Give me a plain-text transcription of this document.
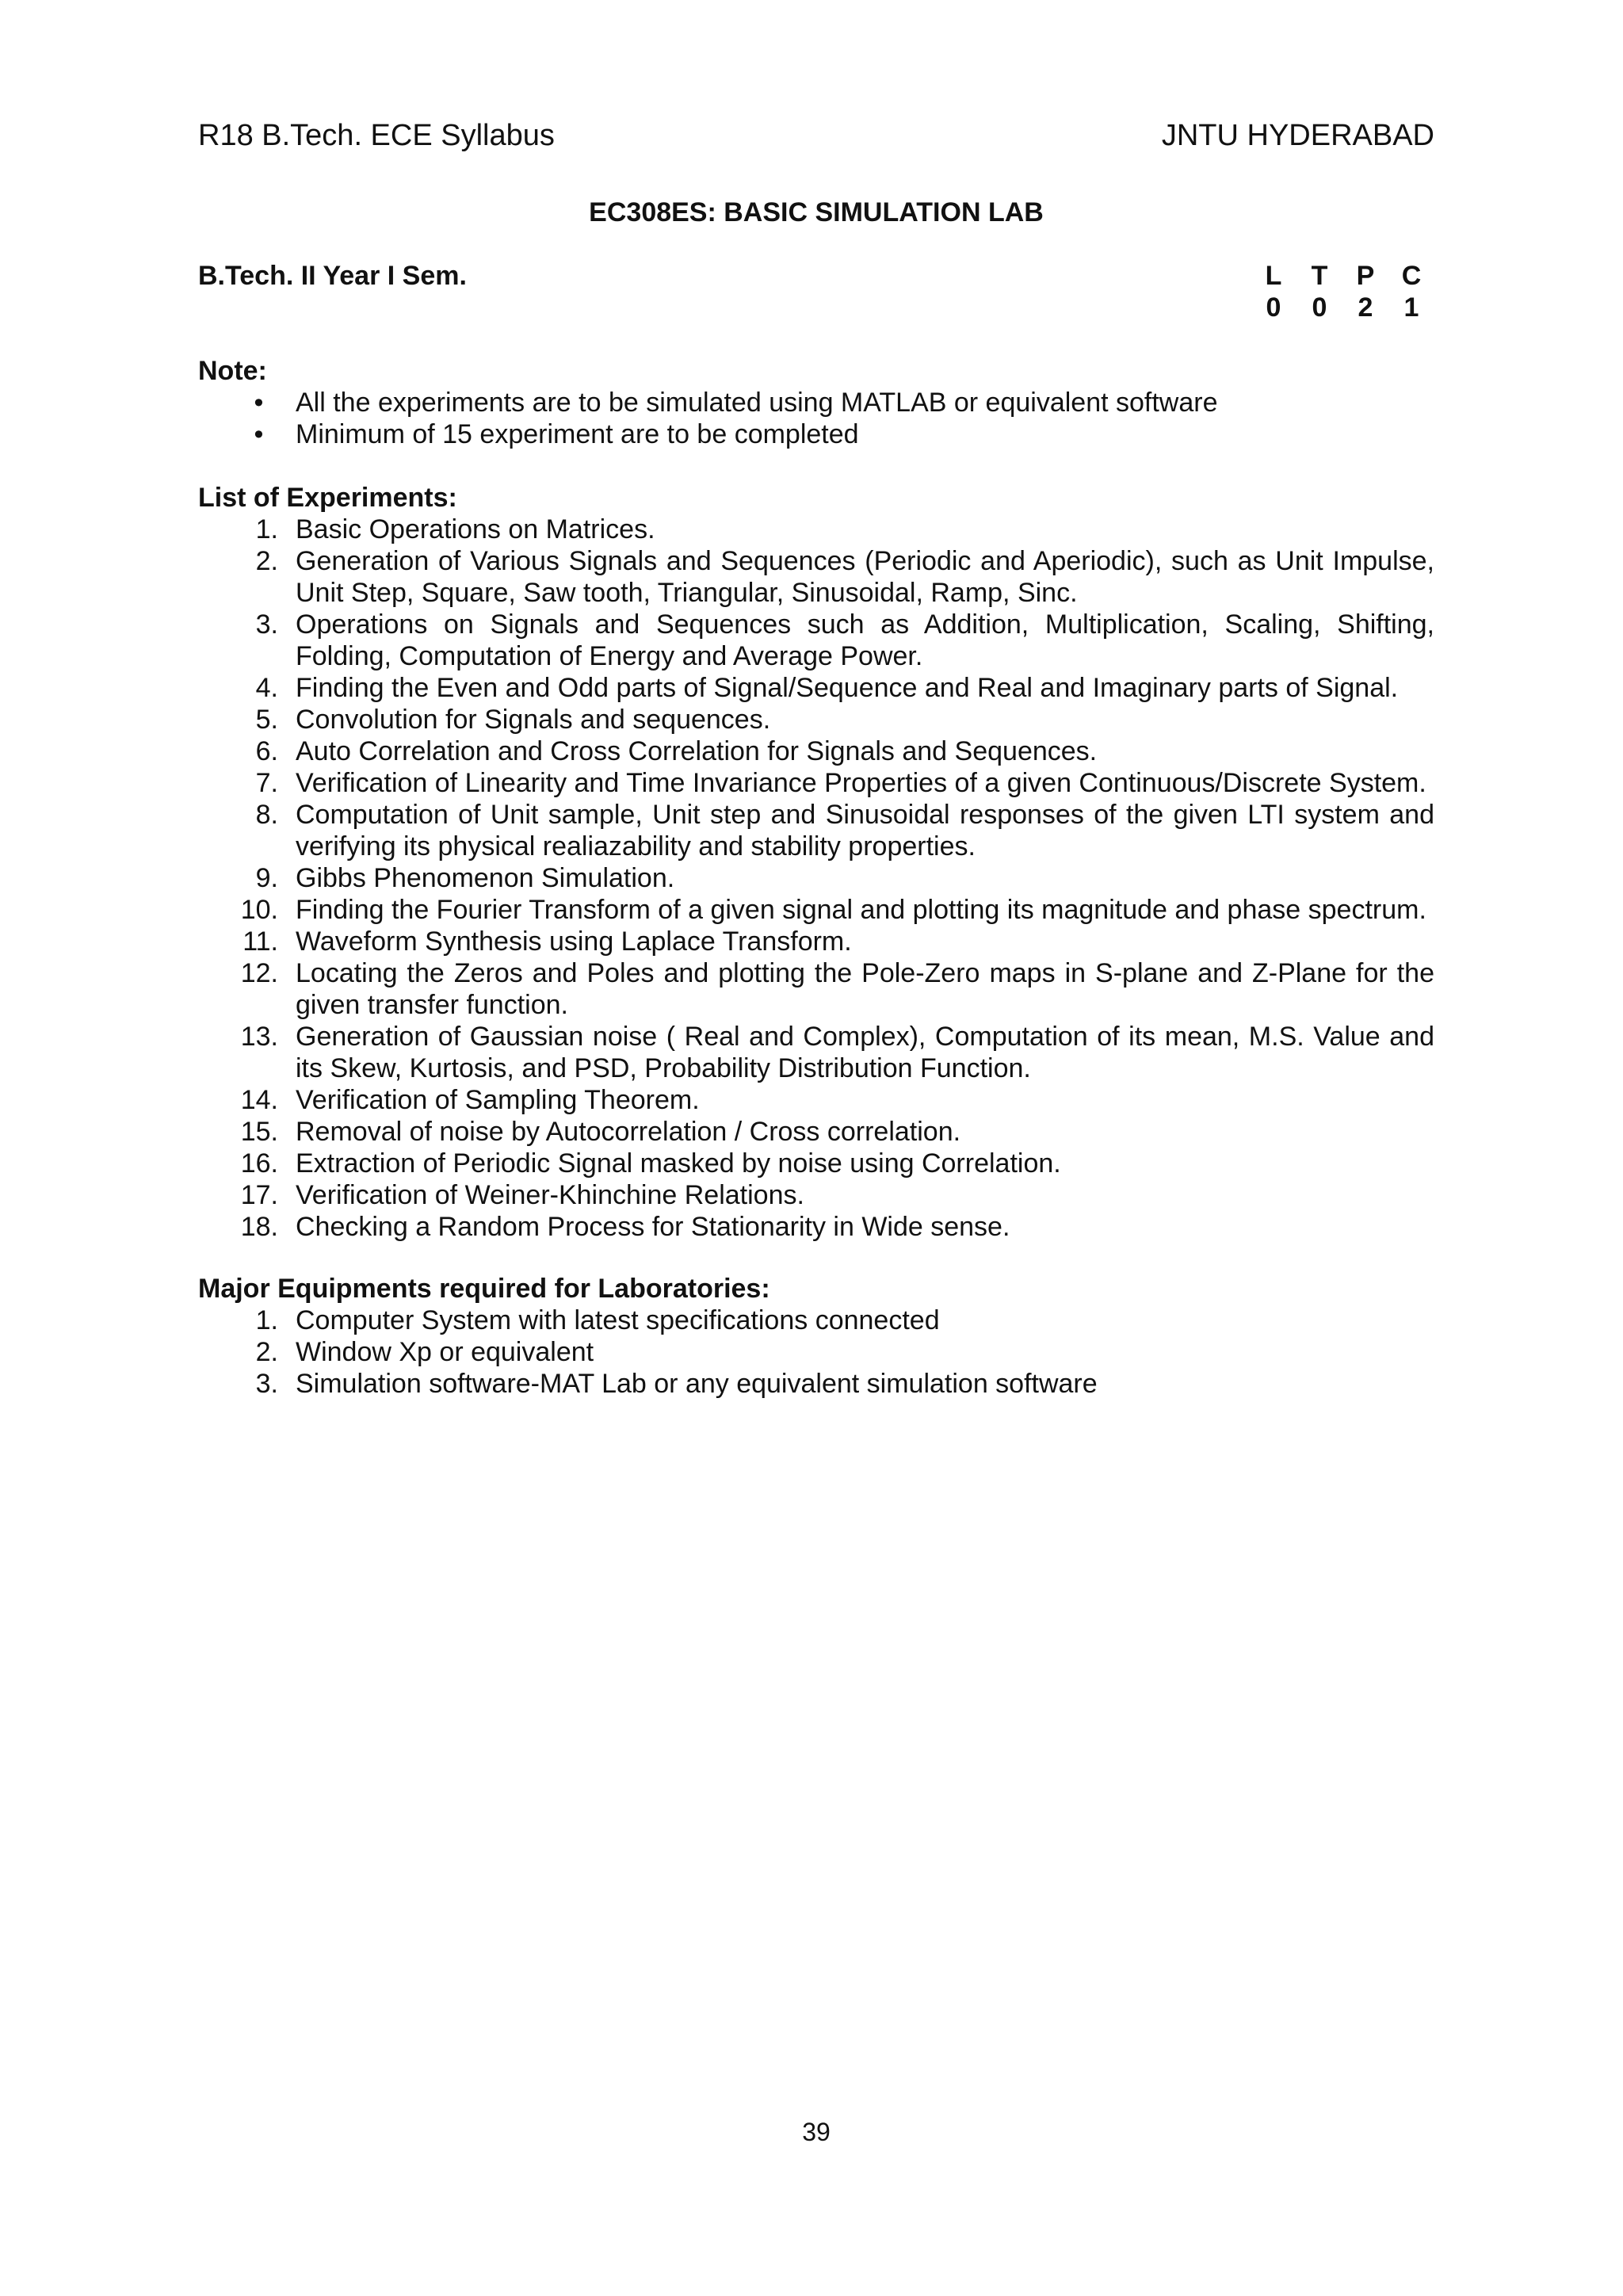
R18 B.Tech. ECE Syllabus	JNTU HYDERABAD
EC308ES: BASIC SIMULATION LAB
B.Tech. II Year I Sem.	L	T	P	C
0	0	2	1
Note:
•	All the experiments are to be simulated using MATLAB or equivalent software
•	Minimum of 15 experiment are to be completed
List of Experiments:
1. Basic Operations on Matrices.
2. Generation of Various Signals and Sequences (Periodic and Aperiodic), such as Unit Impulse, Unit Step, Square, Saw tooth, Triangular, Sinusoidal, Ramp, Sinc.
3. Operations on Signals and Sequences such as Addition, Multiplication, Scaling, Shifting, Folding, Computation of Energy and Average Power.
4. Finding the Even and Odd parts of Signal/Sequence and Real and Imaginary parts of Signal.
5. Convolution for Signals and sequences.
6. Auto Correlation and Cross Correlation for Signals and Sequences.
7. Verification of Linearity and Time Invariance Properties of a given Continuous/Discrete System.
8. Computation of Unit sample, Unit step and Sinusoidal responses of the given LTI system and verifying its physical realiazability and stability properties.
9. Gibbs Phenomenon Simulation.
10. Finding the Fourier Transform of a given signal and plotting its magnitude and phase spectrum.
11. Waveform Synthesis using Laplace Transform.
12. Locating the Zeros and Poles and plotting the Pole-Zero maps in S-plane and Z-Plane for the given transfer function.
13. Generation of Gaussian noise ( Real and Complex), Computation of its mean, M.S. Value and its Skew, Kurtosis, and PSD, Probability Distribution Function.
14. Verification of Sampling Theorem.
15. Removal of noise by Autocorrelation / Cross correlation.
16. Extraction of Periodic Signal masked by noise using Correlation.
17. Verification of Weiner-Khinchine Relations.
18. Checking a Random Process for Stationarity in Wide sense.
Major Equipments required for Laboratories:
1. Computer System with latest specifications connected
2. Window Xp or equivalent
3. Simulation software-MAT Lab or any equivalent simulation software
39
